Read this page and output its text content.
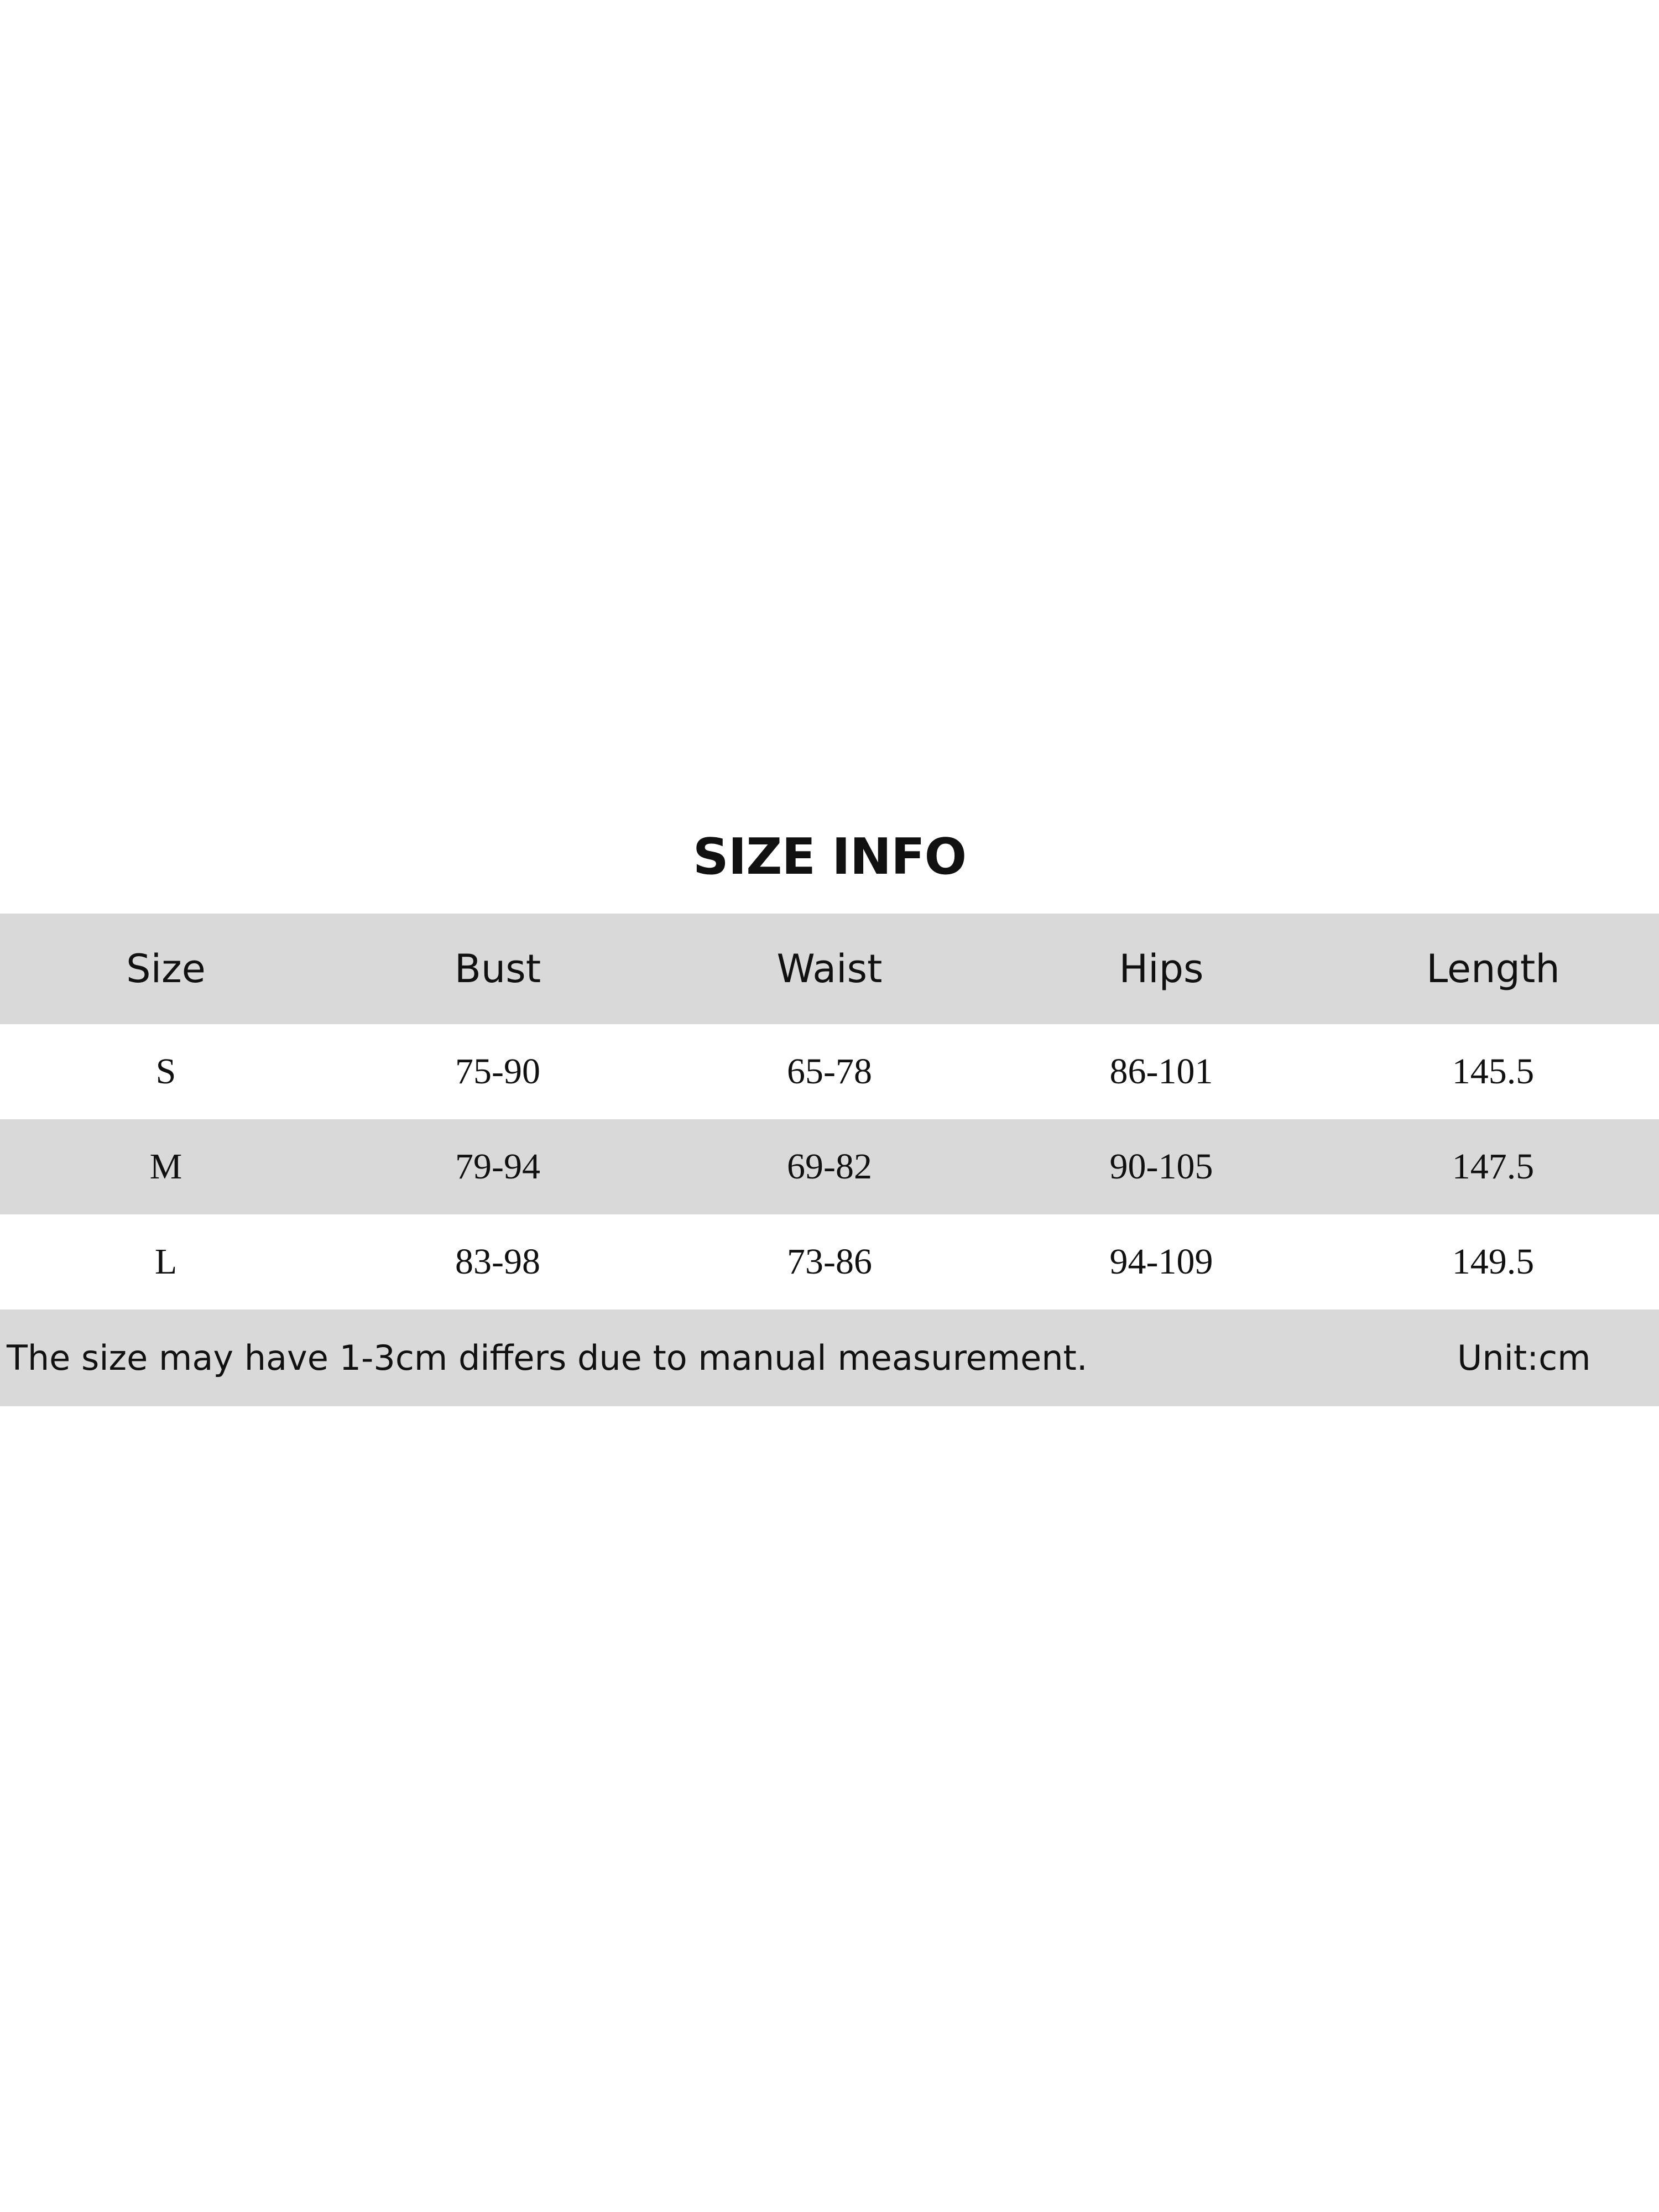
SIZE INFO
Size	Bust	Waist	Hips	Length
S	75-90	65-78	86-101	145.5
M	79-94	69-82	90-105	147.5
L	83-98	73-86	94-109	149.5
The size may have 1-3cm differs due to manual measurement.	Unit:cm
